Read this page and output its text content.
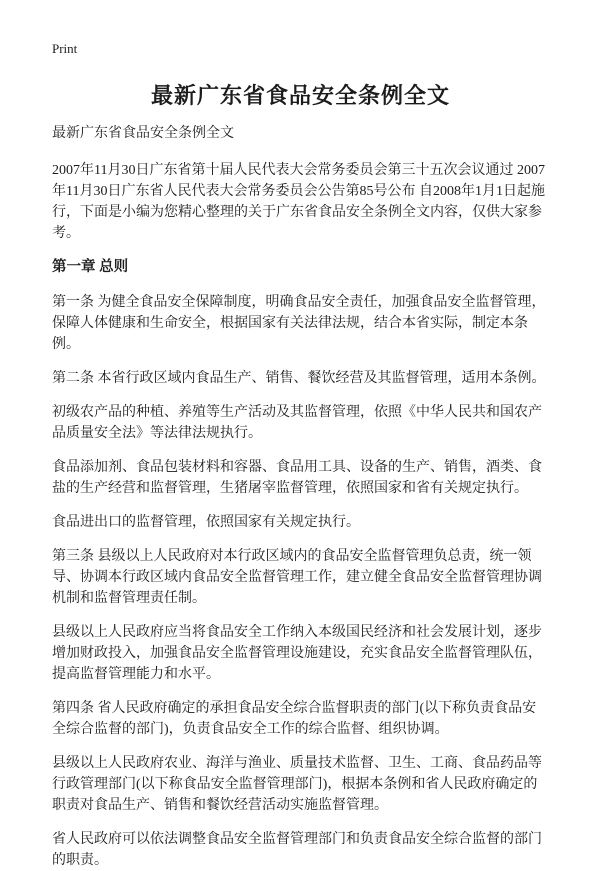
Print
最新广东省食品安全条例全文
最新广东省食品安全条例全文

2007年11月30日广东省第十届人民代表大会常务委员会第三十五次会议通过 2007年11月30日广东省人民代表大会常务委员会公告第85号公布 自2008年1月1日起施行，下面是小编为您精心整理的关于广东省食品安全条例全文内容，仅供大家参考。

第一章 总则

第一条 为健全食品安全保障制度，明确食品安全责任，加强食品安全监督管理，保障人体健康和生命安全，根据国家有关法律法规，结合本省实际，制定本条例。

第二条 本省行政区域内食品生产、销售、餐饮经营及其监督管理，适用本条例。

初级农产品的种植、养殖等生产活动及其监督管理，依照《中华人民共和国农产品质量安全法》等法律法规执行。

食品添加剂、食品包装材料和容器、食品用工具、设备的生产、销售，酒类、食盐的生产经营和监督管理，生猪屠宰监督管理，依照国家和省有关规定执行。

食品进出口的监督管理，依照国家有关规定执行。

第三条 县级以上人民政府对本行政区域内的食品安全监督管理负总责，统一领导、协调本行政区域内食品安全监督管理工作，建立健全食品安全监督管理协调机制和监督管理责任制。

县级以上人民政府应当将食品安全工作纳入本级国民经济和社会发展计划，逐步增加财政投入，加强食品安全监督管理设施建设，充实食品安全监督管理队伍，提高监督管理能力和水平。

第四条 省人民政府确定的承担食品安全综合监督职责的部门(以下称负责食品安全综合监督的部门)，负责食品安全工作的综合监督、组织协调。

县级以上人民政府农业、海洋与渔业、质量技术监督、卫生、工商、食品药品等行政管理部门(以下称食品安全监督管理部门)，根据本条例和省人民政府确定的职责对食品生产、销售和餐饮经营活动实施监督管理。

省人民政府可以依法调整食品安全监督管理部门和负责食品安全综合监督的部门的职责。
